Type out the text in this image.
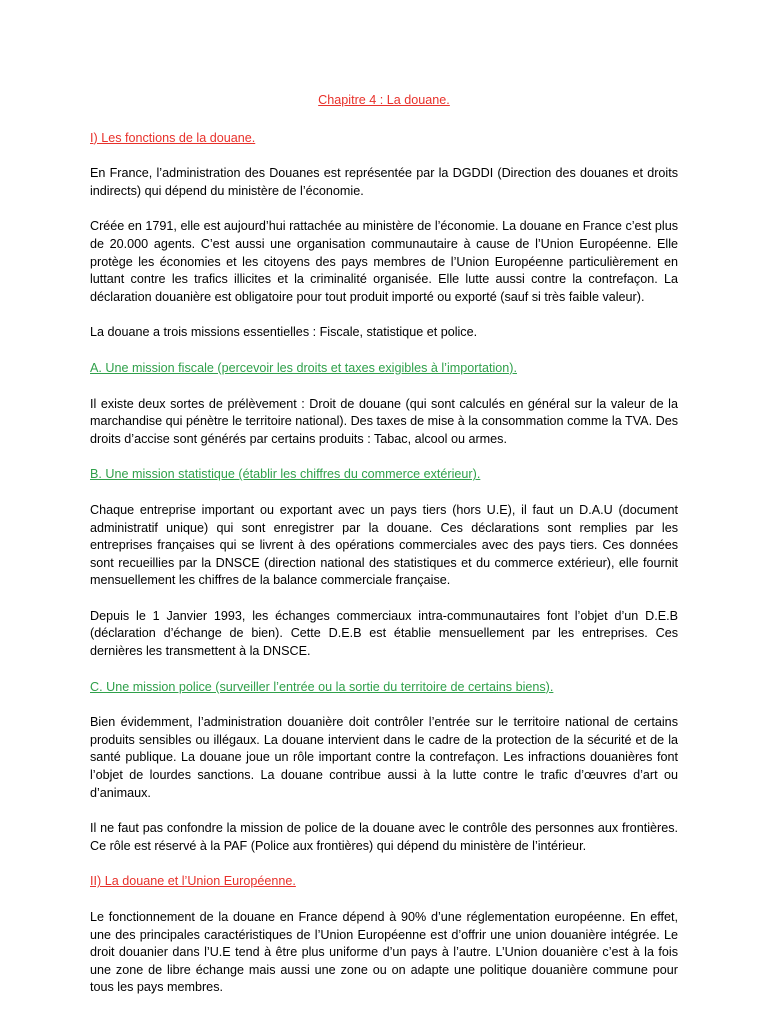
Chapitre 4 : La douane.
I) Les fonctions de la douane.

En France, l’administration des Douanes est représentée par la DGDDI (Direction des douanes et droits indirects) qui dépend du ministère de l’économie.

Créée en 1791, elle est aujourd’hui rattachée au ministère de l’économie. La douane en France c’est plus de 20.000 agents. C’est aussi une organisation communautaire à cause de l’Union Européenne. Elle protège les économies et les citoyens des pays membres de l’Union Européenne particulièrement en luttant contre les trafics illicites et la criminalité organisée. Elle lutte aussi contre la contrefaçon. La déclaration douanière est obligatoire pour tout produit importé ou exporté (sauf si très faible valeur).

La douane a trois missions essentielles : Fiscale, statistique et police.

A. Une mission fiscale (percevoir les droits et taxes exigibles à l’importation).

Il existe deux sortes de prélèvement : Droit de douane (qui sont calculés en général sur la valeur de la marchandise qui pénètre le territoire national). Des taxes de mise à la consommation comme la TVA. Des droits d’accise sont générés par certains produits : Tabac, alcool ou armes.

B. Une mission statistique (établir les chiffres du commerce extérieur).

Chaque entreprise important ou exportant avec un pays tiers (hors U.E), il faut un D.A.U (document administratif unique) qui sont enregistrer par la douane. Ces déclarations sont remplies par les entreprises françaises qui se livrent à des opérations commerciales avec des pays tiers. Ces données sont recueillies par la DNSCE (direction national des statistiques et du commerce extérieur), elle fournit mensuellement les chiffres de la balance commerciale française.

Depuis le 1 Janvier 1993, les échanges commerciaux intra-communautaires font l’objet d’un D.E.B (déclaration d’échange de bien). Cette D.E.B est établie mensuellement par les entreprises. Ces dernières les transmettent à la DNSCE.

C. Une mission police (surveiller l’entrée ou la sortie du territoire de certains biens).

Bien évidemment, l’administration douanière doit contrôler l’entrée sur le territoire national de certains produits sensibles ou illégaux. La douane intervient dans le cadre de la protection de la sécurité et de la santé publique. La douane joue un rôle important contre la contrefaçon. Les infractions douanières font l’objet de lourdes sanctions. La douane contribue aussi à la lutte contre le trafic d’œuvres d’art ou d’animaux.

Il ne faut pas confondre la mission de police de la douane avec le contrôle des personnes aux frontières. Ce rôle est réservé à la PAF (Police aux frontières) qui dépend du ministère de l’intérieur.

II) La douane et l’Union Européenne.

Le fonctionnement de la douane en France dépend à 90% d’une réglementation européenne. En effet, une des principales caractéristiques de l’Union Européenne est d’offrir une union douanière intégrée. Le droit douanier dans l’U.E tend à être plus uniforme d’un pays à l’autre. L’Union douanière c’est à la fois une zone de libre échange mais aussi une zone ou on adapte une politique douanière commune pour tous les pays membres.
